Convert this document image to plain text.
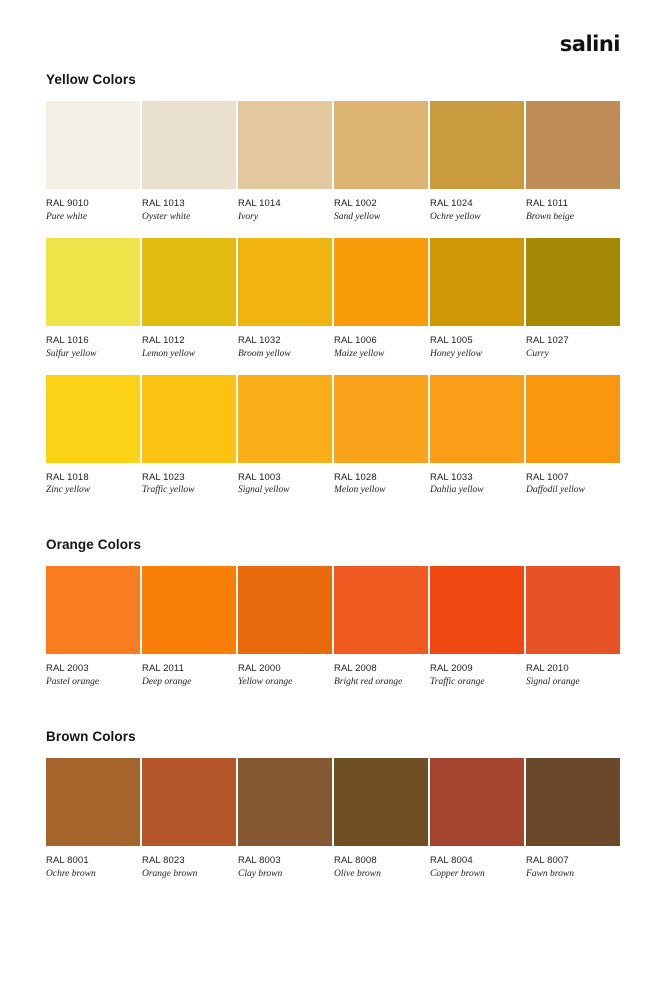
salini
Yellow Colors
RAL 9010
Pure white
RAL 1013
Oyster white
RAL 1014
Ivory
RAL 1002
Sand yellow
RAL 1024
Ochre yellow
RAL 1011
Brown beige
RAL 1016
Sulfur yellow
RAL 1012
Lemon yellow
RAL 1032
Broom yellow
RAL 1006
Maize yellow
RAL 1005
Honey yellow
RAL 1027
Curry
RAL 1018
Zinc yellow
RAL 1023
Traffic yellow
RAL 1003
Signal yellow
RAL 1028
Melon yellow
RAL 1033
Dahlia yellow
RAL 1007
Daffodil yellow
Orange Colors
RAL 2003
Pastel orange
RAL 2011
Deep orange
RAL 2000
Yellow orange
RAL 2008
Bright red orange
RAL 2009
Traffic orange
RAL 2010
Signal orange
Brown Colors
RAL 8001
Ochre brown
RAL 8023
Orange brown
RAL 8003
Clay brown
RAL 8008
Olive brown
RAL 8004
Copper brown
RAL 8007
Fawn brown
